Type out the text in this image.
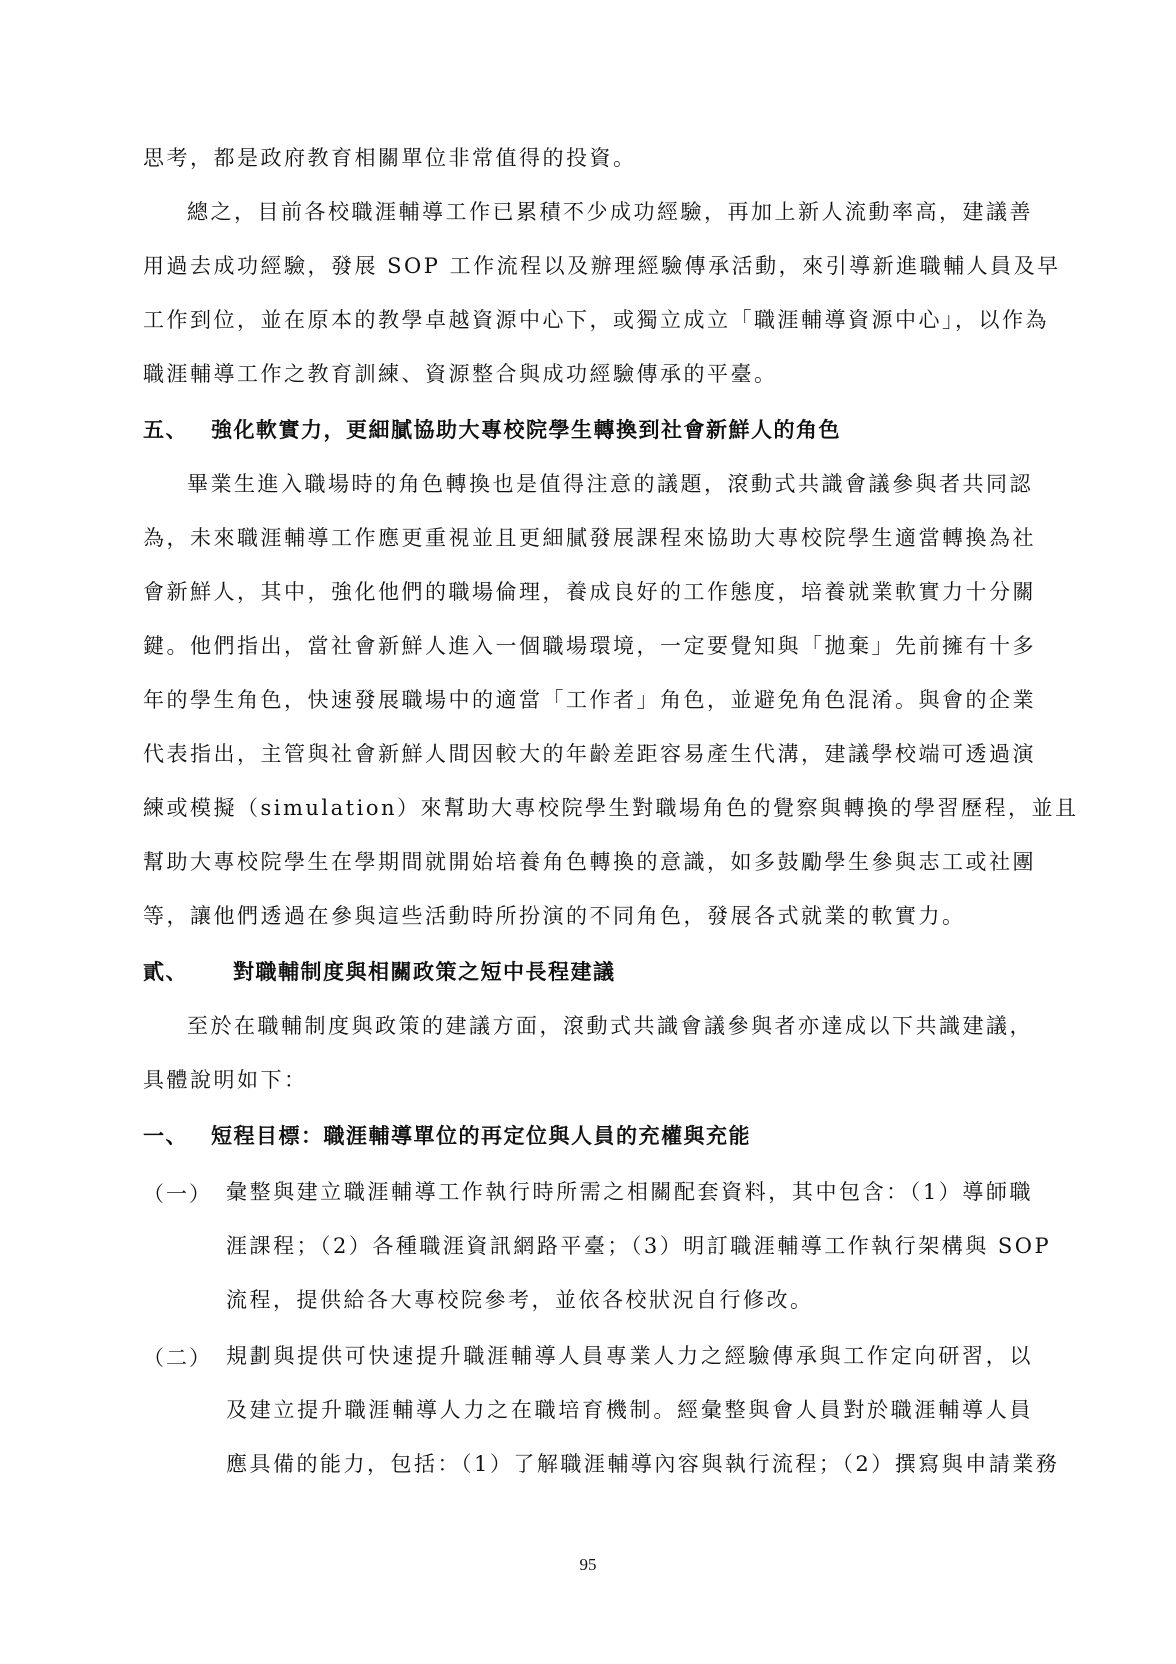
思考，都是政府教育相關單位非常值得的投資。
總之，目前各校職涯輔導工作已累積不少成功經驗，再加上新人流動率高，建議善
用過去成功經驗，發展 SOP 工作流程以及辦理經驗傳承活動，來引導新進職輔人員及早
工作到位，並在原本的教學卓越資源中心下，或獨立成立「職涯輔導資源中心」，以作為
職涯輔導工作之教育訓練、資源整合與成功經驗傳承的平臺。
五、 強化軟實力，更細膩協助大專校院學生轉換到社會新鮮人的角色
畢業生進入職場時的角色轉換也是值得注意的議題，滾動式共識會議參與者共同認
為，未來職涯輔導工作應更重視並且更細膩發展課程來協助大專校院學生適當轉換為社
會新鮮人，其中，強化他們的職場倫理，養成良好的工作態度，培養就業軟實力十分關
鍵。他們指出，當社會新鮮人進入一個職場環境，一定要覺知與「拋棄」先前擁有十多
年的學生角色，快速發展職場中的適當「工作者」角色，並避免角色混淆。與會的企業
代表指出，主管與社會新鮮人間因較大的年齡差距容易產生代溝，建議學校端可透過演
練或模擬（simulation）來幫助大專校院學生對職場角色的覺察與轉換的學習歷程，並且
幫助大專校院學生在學期間就開始培養角色轉換的意識，如多鼓勵學生參與志工或社團
等，讓他們透過在參與這些活動時所扮演的不同角色，發展各式就業的軟實力。
貳、 對職輔制度與相關政策之短中長程建議
至於在職輔制度與政策的建議方面，滾動式共識會議參與者亦達成以下共識建議，
具體說明如下：
一、 短程目標：職涯輔導單位的再定位與人員的充權與充能
（一） 彙整與建立職涯輔導工作執行時所需之相關配套資料，其中包含：（1）導師職
涯課程；（2）各種職涯資訊網路平臺；（3）明訂職涯輔導工作執行架構與 SOP
流程，提供給各大專校院參考，並依各校狀況自行修改。
（二） 規劃與提供可快速提升職涯輔導人員專業人力之經驗傳承與工作定向研習，以
及建立提升職涯輔導人力之在職培育機制。經彙整與會人員對於職涯輔導人員
應具備的能力，包括：（1）了解職涯輔導內容與執行流程；（2）撰寫與申請業務
95
